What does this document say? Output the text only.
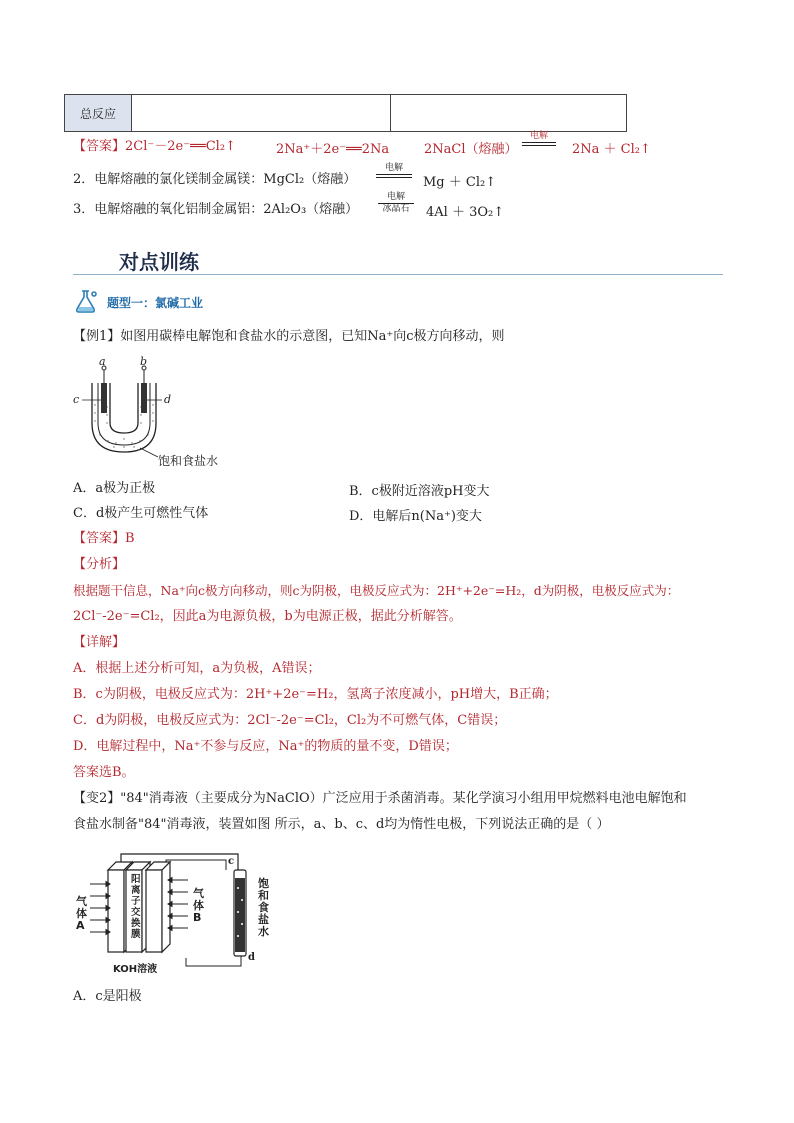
总反应
【答案】2Cl⁻－2e⁻══Cl₂↑	2Na⁺＋2e⁻══2Na	2NaCl（熔融）
电解
2Na ＋ Cl₂↑
2．电解熔融的氯化镁制金属镁：MgCl₂（熔融）
电解
Mg ＋ Cl₂↑
3．电解熔融的氧化铝制金属铝：2Al₂O₃（熔融）
电解
冰晶石	4Al ＋ 3O₂↑
对点训练
题型一：氯碱工业
【例1】如图用碳棒电解饱和食盐水的示意图，已知Na⁺向c极方向移动，则
a	b
c	d
饱和食盐水
A．a极为正极	B．c极附近溶液pH变大
C．d极产生可燃性气体	D．电解后n(Na⁺)变大
【答案】B
【分析】
根据题干信息，Na⁺向c极方向移动，则c为阴极，电极反应式为：2H⁺+2e⁻=H₂，d为阴极，电极反应式为：
2Cl⁻-2e⁻=Cl₂，因此a为电源负极，b为电源正极，据此分析解答。
【详解】
A．根据上述分析可知，a为负极，A错误；
B．c为阴极，电极反应式为：2H⁺+2e⁻=H₂，氢离子浓度减小，pH增大，B正确；
C．d为阴极，电极反应式为：2Cl⁻-2e⁻=Cl₂，Cl₂为不可燃气体，C错误；
D．电解过程中，Na⁺不参与反应，Na⁺的物质的量不变，D错误；
答案选B。
【变2】"84"消毒液（主要成分为NaClO）广泛应用于杀菌消毒。某化学演习小组用甲烷燃料电池电解饱和
食盐水制备"84"消毒液，装置如图 所示，a、b、c、d均为惰性电极，下列说法正确的是（ ）
气体A
气体B
阳离子交换膜
KOH溶液
饱和食盐水
c
d
A．c是阳极
